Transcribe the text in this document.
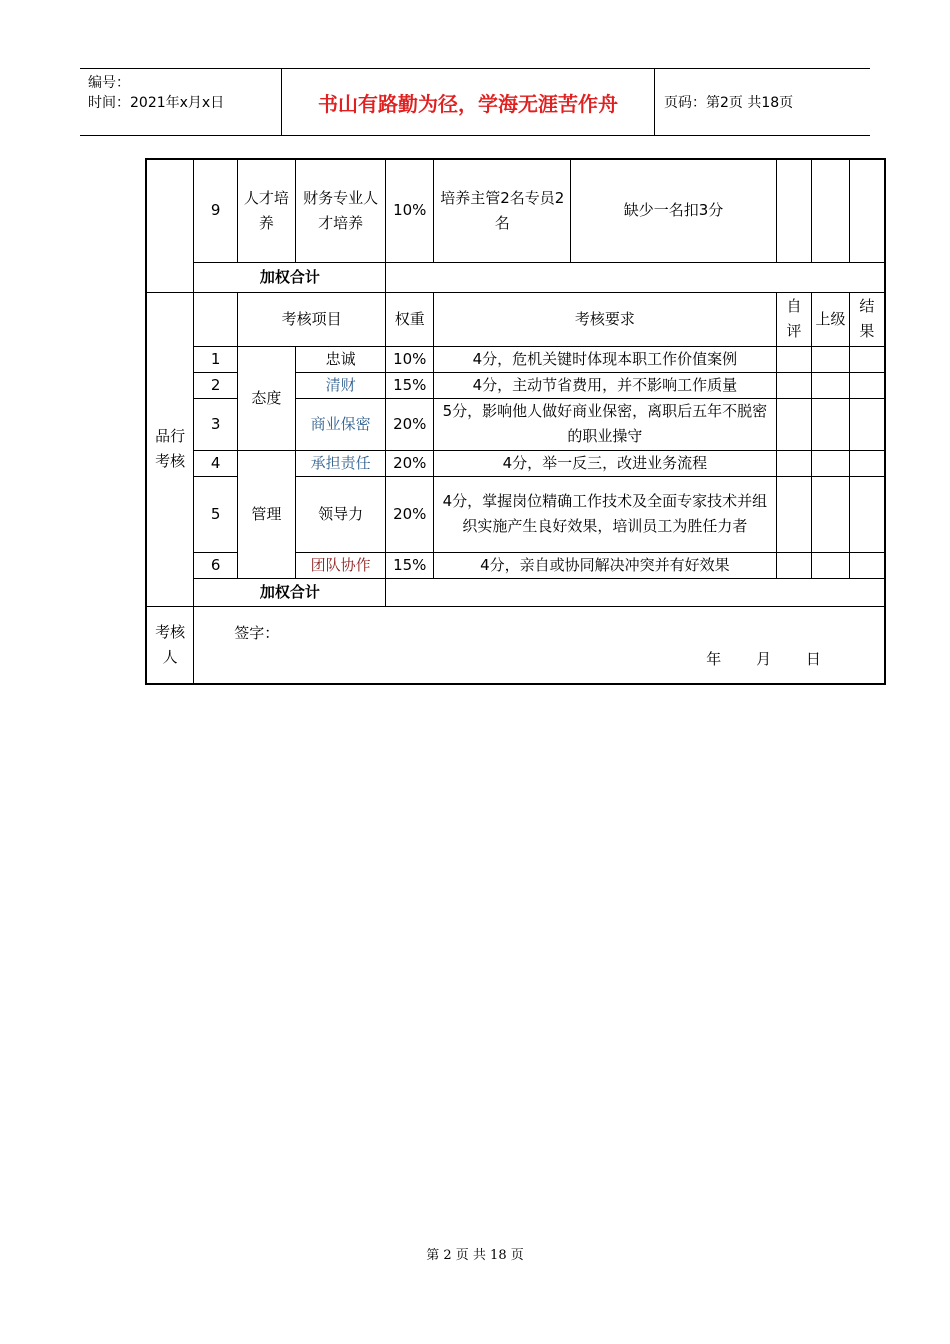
编号：
时间：2021年x月x日	书山有路勤为径，学海无涯苦作舟	页码：第2页 共18页
	9	人才培养	财务专业人才培养	10%	培养主管2名专员2名	缺少一名扣3分			
	加权合计								
品行考核		考核项目		权重	考核要求		自评	上级	结果
	1	态度	忠诚	10%	4分，危机关键时体现本职工作价值案例				
	2		清财	15%	4分，主动节省费用，并不影响工作质量				
	3		商业保密	20%	5分，影响他人做好商业保密，离职后五年不脱密的职业操守				
	4	管理	承担责任	20%	4分，举一反三，改进业务流程				
	5		领导力	20%	4分，掌握岗位精确工作技术及全面专家技术并组织实施产生良好效果，培训员工为胜任力者				
	6		团队协作	15%	4分，亲自或协同解决冲突并有好效果				
	加权合计								
考核人	签字：
年 月 日								
第 2 页 共 18 页
